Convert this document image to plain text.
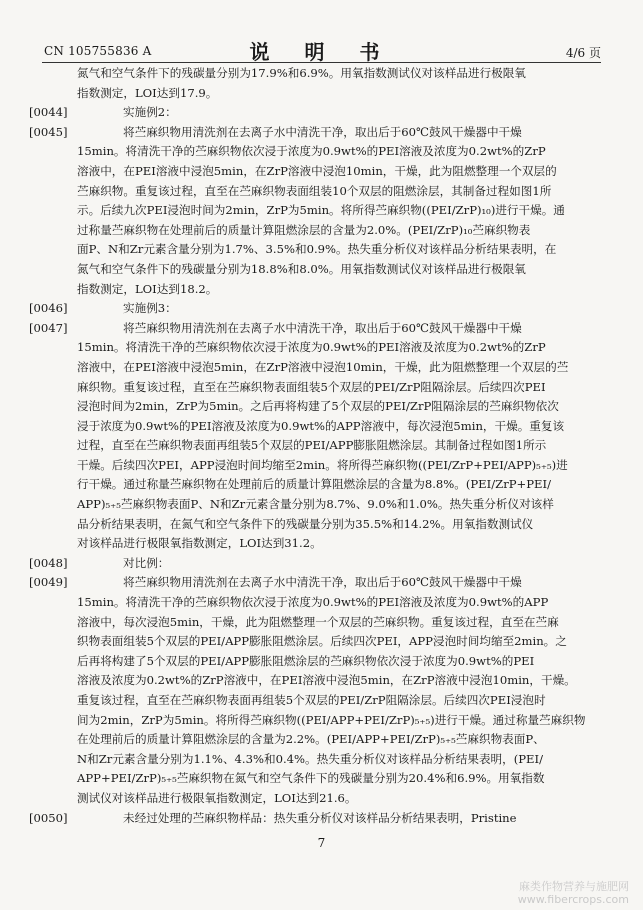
CN 105755836 A	说 明 书	4/6 页
氮气和空气条件下的残碳量分别为17.9%和6.9%。用氧指数测试仪对该样品进行极限氧
指数测定，LOI达到17.9。
[0044]	实施例2：
[0045]	将苎麻织物用清洗剂在去离子水中清洗干净，取出后于60℃鼓风干燥器中干燥
15min。将清洗干净的苎麻织物依次浸于浓度为0.9wt%的PEI溶液及浓度为0.2wt%的ZrP
溶液中，在PEI溶液中浸泡5min，在ZrP溶液中浸泡10min，干燥，此为阻燃整理一个双层的
苎麻织物。重复该过程，直至在苎麻织物表面组装10个双层的阻燃涂层，其制备过程如图1所
示。后续九次PEI浸泡时间为2min，ZrP为5min。将所得苎麻织物((PEI/ZrP)₁₀)进行干燥。通
过称量苎麻织物在处理前后的质量计算阻燃涂层的含量为2.0%。(PEI/ZrP)₁₀苎麻织物表
面P、N和Zr元素含量分别为1.7%、3.5%和0.9%。热失重分析仪对该样品分析结果表明，在
氮气和空气条件下的残碳量分别为18.8%和8.0%。用氧指数测试仪对该样品进行极限氧
指数测定，LOI达到18.2。
[0046]	实施例3：
[0047]	将苎麻织物用清洗剂在去离子水中清洗干净，取出后于60℃鼓风干燥器中干燥
15min。将清洗干净的苎麻织物依次浸于浓度为0.9wt%的PEI溶液及浓度为0.2wt%的ZrP
溶液中，在PEI溶液中浸泡5min，在ZrP溶液中浸泡10min，干燥，此为阻燃整理一个双层的苎
麻织物。重复该过程，直至在苎麻织物表面组装5个双层的PEI/ZrP阻隔涂层。后续四次PEI
浸泡时间为2min，ZrP为5min。之后再将构建了5个双层的PEI/ZrP阻隔涂层的苎麻织物依次
浸于浓度为0.9wt%的PEI溶液及浓度为0.9wt%的APP溶液中，每次浸泡5min，干燥。重复该
过程，直至在苎麻织物表面再组装5个双层的PEI/APP膨胀阻燃涂层。其制备过程如图1所示
干燥。后续四次PEI，APP浸泡时间均缩至2min。将所得苎麻织物((PEI/ZrP+PEI/APP)₅₊₅)进
行干燥。通过称量苎麻织物在处理前后的质量计算阻燃涂层的含量为8.8%。(PEI/ZrP+PEI/
APP)₅₊₅苎麻织物表面P、N和Zr元素含量分别为8.7%、9.0%和1.0%。热失重分析仪对该样
品分析结果表明，在氮气和空气条件下的残碳量分别为35.5%和14.2%。用氧指数测试仪
对该样品进行极限氧指数测定，LOI达到31.2。
[0048]	对比例：
[0049]	将苎麻织物用清洗剂在去离子水中清洗干净，取出后于60℃鼓风干燥器中干燥
15min。将清洗干净的苎麻织物依次浸于浓度为0.9wt%的PEI溶液及浓度为0.9wt%的APP
溶液中，每次浸泡5min，干燥，此为阻燃整理一个双层的苎麻织物。重复该过程，直至在苎麻
织物表面组装5个双层的PEI/APP膨胀阻燃涂层。后续四次PEI，APP浸泡时间均缩至2min。之
后再将构建了5个双层的PEI/APP膨胀阻燃涂层的苎麻织物依次浸于浓度为0.9wt%的PEI
溶液及浓度为0.2wt%的ZrP溶液中，在PEI溶液中浸泡5min，在ZrP溶液中浸泡10min，干燥。
重复该过程，直至在苎麻织物表面再组装5个双层的PEI/ZrP阻隔涂层。后续四次PEI浸泡时
间为2min，ZrP为5min。将所得苎麻织物((PEI/APP+PEI/ZrP)₅₊₅)进行干燥。通过称量苎麻织物
在处理前后的质量计算阻燃涂层的含量为2.2%。(PEI/APP+PEI/ZrP)₅₊₅苎麻织物表面P、
N和Zr元素含量分别为1.1%、4.3%和0.4%。热失重分析仪对该样品分析结果表明，(PEI/
APP+PEI/ZrP)₅₊₅苎麻织物在氮气和空气条件下的残碳量分别为20.4%和6.9%。用氧指数
测试仪对该样品进行极限氧指数测定，LOI达到21.6。
[0050]	未经过处理的苎麻织物样品：热失重分析仪对该样品分析结果表明，Pristine
7
麻类作物营养与施肥网
www.fibercrops.com
